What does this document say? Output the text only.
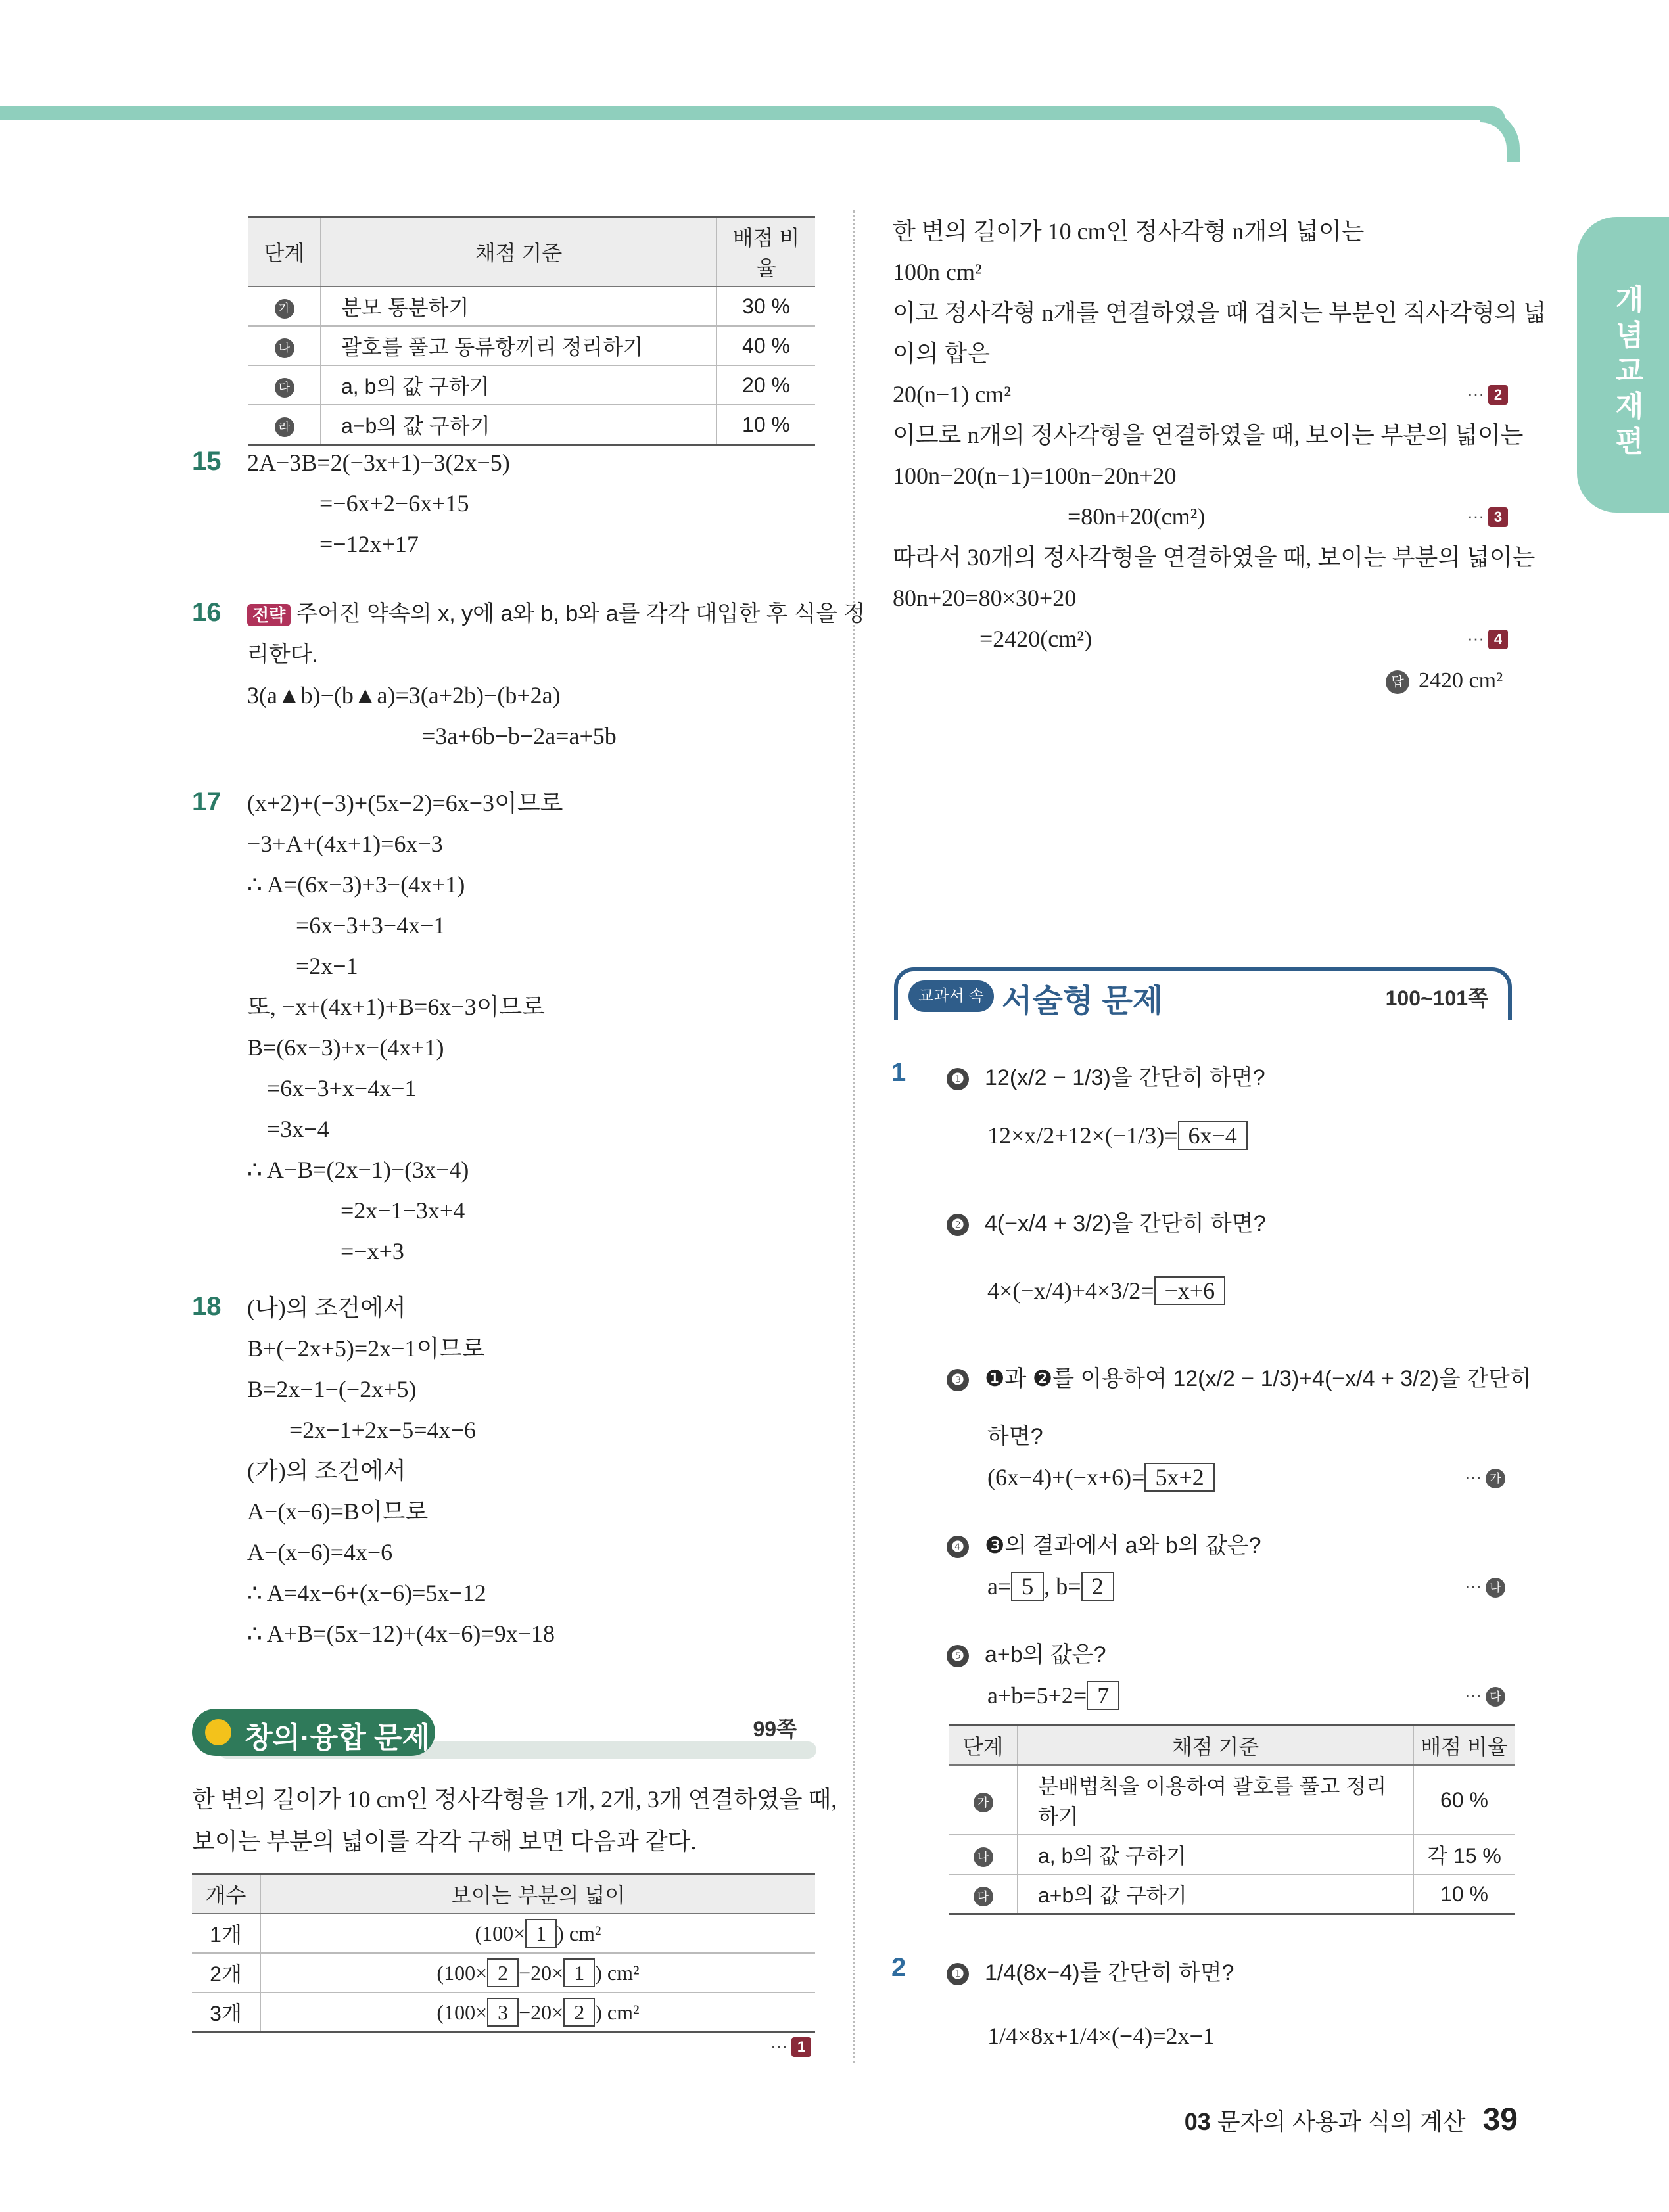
개념교재편
단계	채점 기준	배점 비율
가	분모 통분하기	30 %
나	괄호를 풀고 동류항끼리 정리하기	40 %
다	a, b의 값 구하기	20 %
라	a−b의 값 구하기	10 %
15 2A−3B=2(−3x+1)−3(2x−5)
=−6x+2−6x+15
=−12x+17
16	전략 주어진 약속의 x, y에 a와 b, b와 a를 각각 대입한 후 식을 정
리한다.
3(a▲b)−(b▲a)=3(a+2b)−(b+2a)
=3a+6b−b−2a=a+5b
17 (x+2)+(−3)+(5x−2)=6x−3이므로
−3+A+(4x+1)=6x−3
∴ A=(6x−3)+3−(4x+1)
=6x−3+3−4x−1
=2x−1
또, −x+(4x+1)+B=6x−3이므로
B=(6x−3)+x−(4x+1)
=6x−3+x−4x−1
=3x−4
∴ A−B=(2x−1)−(3x−4)
=2x−1−3x+4
=−x+3
18 (나)의 조건에서
B+(−2x+5)=2x−1이므로
B=2x−1−(−2x+5)
=2x−1+2x−5=4x−6
(가)의 조건에서
A−(x−6)=B이므로
A−(x−6)=4x−6
∴ A=4x−6+(x−6)=5x−12
∴ A+B=(5x−12)+(4x−6)=9x−18
창의·융합 문제	99쪽
한 변의 길이가 10 cm인 정사각형을 1개, 2개, 3개 연결하였을 때,
보이는 부분의 넓이를 각각 구해 보면 다음과 같다.
개수	보이는 부분의 넓이
1개	(100× 1 ) cm²
2개	(100× 2 −20× 1 ) cm²
3개	(100× 3 −20× 2 ) cm²
··· 1
한 변의 길이가 10 cm인 정사각형 n개의 넓이는
100n cm²
이고 정사각형 n개를 연결하였을 때 겹치는 부분인 직사각형의 넓
이의 합은
20(n−1) cm²	··· 2
이므로 n개의 정사각형을 연결하였을 때, 보이는 부분의 넓이는
100n−20(n−1)=100n−20n+20
=80n+20(cm²)	··· 3
따라서 30개의 정사각형을 연결하였을 때, 보이는 부분의 넓이는
80n+20=80×30+20
=2420(cm²)	··· 4
답 2420 cm²
교과서 속 서술형 문제	100~101쪽
1	❶ 12(x/2 − 1/3)을 간단히 하면?
12×x/2+12×(−1/3)= 6x−4
❷ 4(−x/4 + 3/2)을 간단히 하면?
4×(−x/4)+4×3/2= −x+6
❸ ❶과 ❷를 이용하여 12(x/2 − 1/3)+4(−x/4 + 3/2)을 간단히
하면?
(6x−4)+(−x+6)= 5x+2	··· 가
❹ ❸의 결과에서 a와 b의 값은?
a= 5 , b= 2	··· 나
❺ a+b의 값은?
a+b=5+2= 7	··· 다
단계	채점 기준	배점 비율
가	분배법칙을 이용하여 괄호를 풀고 정리하기	60 %
나	a, b의 값 구하기	각 15 %
다	a+b의 값 구하기	10 %
2	❶ 1/4(8x−4)를 간단히 하면?
1/4×8x+1/4×(−4)=2x−1
03 문자의 사용과 식의 계산 39
